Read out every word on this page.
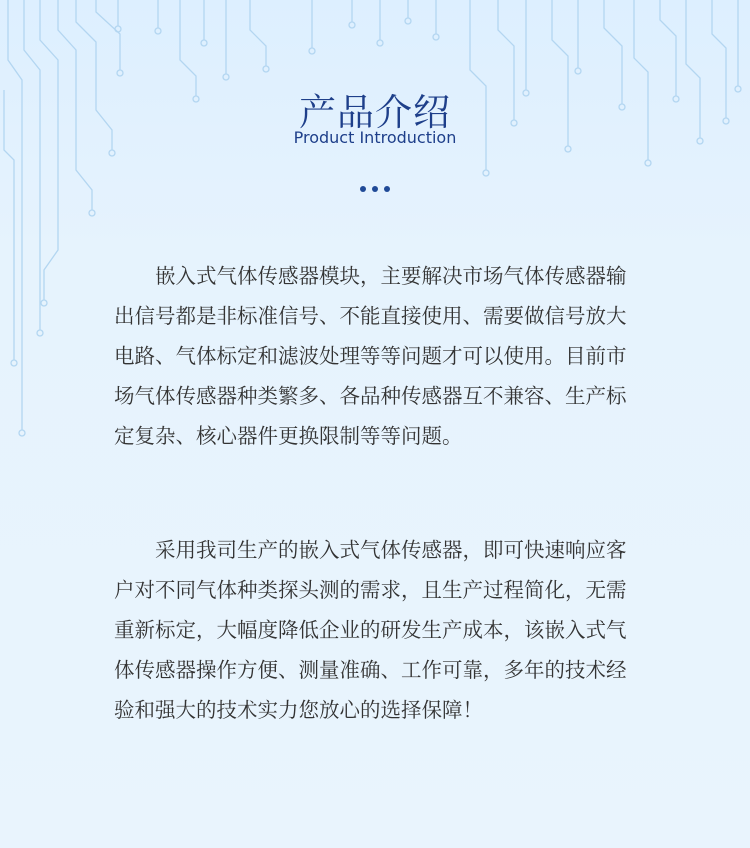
产品介绍
Product Introduction

嵌入式气体传感器模块，主要解决市场气体传感器输出信号都是非标准信号、不能直接使用、需要做信号放大电路、气体标定和滤波处理等等问题才可以使用。目前市场气体传感器种类繁多、各品种传感器互不兼容、生产标定复杂、核心器件更换限制等等问题。

采用我司生产的嵌入式气体传感器，即可快速响应客户对不同气体种类探头测的需求，且生产过程简化，无需重新标定，大幅度降低企业的研发生产成本，该嵌入式气体传感器操作方便、测量准确、工作可靠，多年的技术经验和强大的技术实力您放心的选择保障！
